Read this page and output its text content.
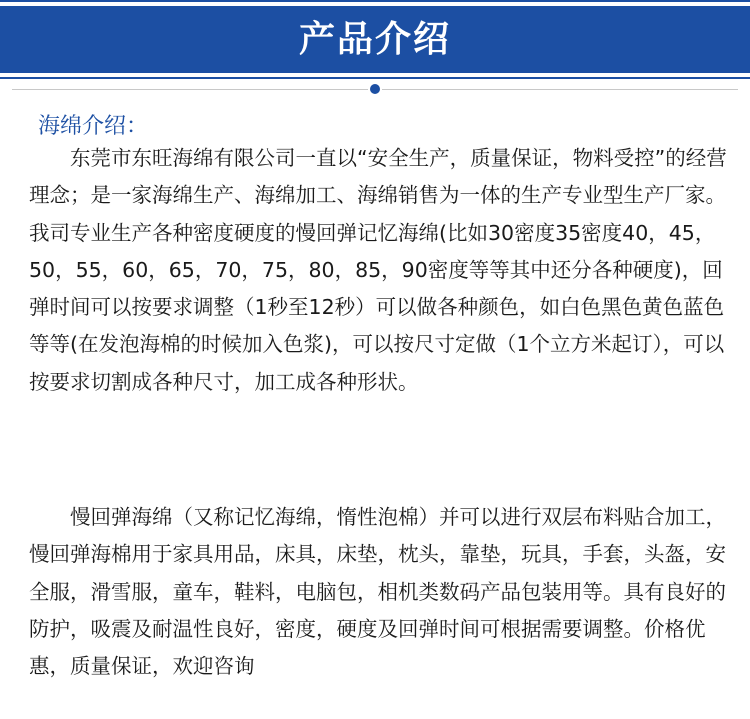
产品介绍
海绵介绍：

东莞市东旺海绵有限公司一直以“安全生产，质量保证，物料受控”的经营理念；是一家海绵生产、海绵加工、海绵销售为一体的生产专业型生产厂家。我司专业生产各种密度硬度的慢回弹记忆海绵(比如30密度35密度40，45，50，55，60，65，70，75，80，85，90密度等等其中还分各种硬度)，回弹时间可以按要求调整（1秒至12秒）可以做各种颜色，如白色黑色黄色蓝色等等(在发泡海棉的时候加入色浆)，可以按尺寸定做（1个立方米起订），可以按要求切割成各种尺寸，加工成各种形状。

慢回弹海绵（又称记忆海绵，惰性泡棉）并可以进行双层布料贴合加工，慢回弹海棉用于家具用品，床具，床垫，枕头，靠垫，玩具，手套，头盔，安全服，滑雪服，童车，鞋料，电脑包，相机类数码产品包装用等。具有良好的防护，吸震及耐温性良好，密度，硬度及回弹时间可根据需要调整。价格优惠，质量保证，欢迎咨询
